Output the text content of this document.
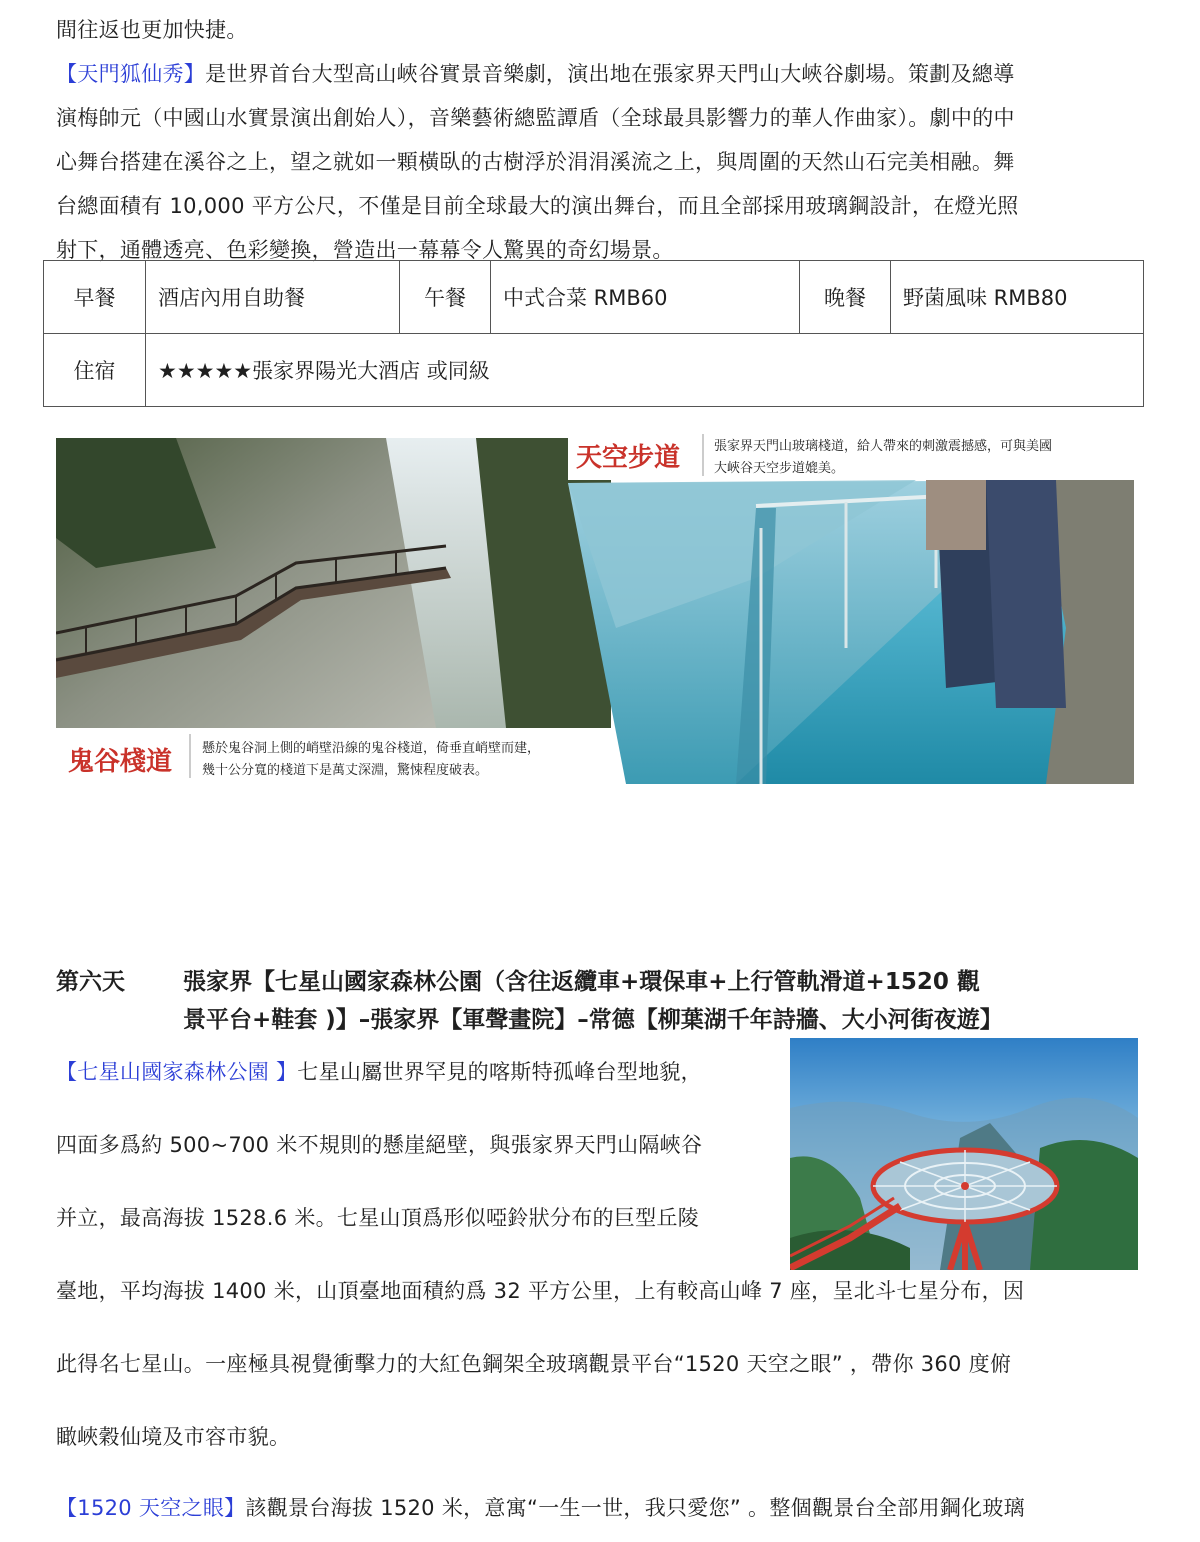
間往返也更加快捷。
【天門狐仙秀】是世界首台大型高山峽谷實景音樂劇，演出地在張家界天門山大峽谷劇場。策劃及總導
演梅帥元（中國山水實景演出創始人），音樂藝術總監譚盾（全球最具影響力的華人作曲家）。劇中的中
心舞台搭建在溪谷之上，望之就如一顆橫臥的古樹浮於涓涓溪流之上，與周圍的天然山石完美相融。舞
台總面積有 10,000 平方公尺，不僅是目前全球最大的演出舞台，而且全部採用玻璃鋼設計，在燈光照
射下，通體透亮、色彩變換，營造出一幕幕令人驚異的奇幻場景。
早餐	酒店內用自助餐	午餐	中式合菜 RMB60	晚餐	野菌風味 RMB80
住宿	★★★★★張家界陽光大酒店 或同級				
鬼谷棧道 懸於鬼谷洞上側的峭壁沿線的鬼谷棧道，倚垂直峭壁而建，
幾十公分寬的棧道下是萬丈深淵，驚悚程度破表。
天空步道	張家界天門山玻璃棧道，給人帶來的刺激震撼感，可與美國
大峽谷天空步道媲美。
第六天	張家界【七星山國家森林公園（含往返纜車+環保車+上行管軌滑道+1520 觀
景平台+鞋套 )】–張家界【軍聲畫院】–常德【柳葉湖千年詩牆、大小河街夜遊】
【七星山國家森林公園 】七星山屬世界罕見的喀斯特孤峰台型地貌，
四面多爲約 500~700 米不規則的懸崖絕壁，與張家界天門山隔峽谷
并立，最高海拔 1528.6 米。七星山頂爲形似啞鈴狀分布的巨型丘陵
臺地，平均海拔 1400 米，山頂臺地面積約爲 32 平方公里，上有較高山峰 7 座，呈北斗七星分布，因
此得名七星山。一座極具視覺衝擊力的大紅色鋼架全玻璃觀景平台“1520 天空之眼” ，帶你 360 度俯
瞰峽穀仙境及市容市貌。
【1520 天空之眼】該觀景台海拔 1520 米，意寓“一生一世，我只愛您” 。整個觀景台全部用鋼化玻璃
